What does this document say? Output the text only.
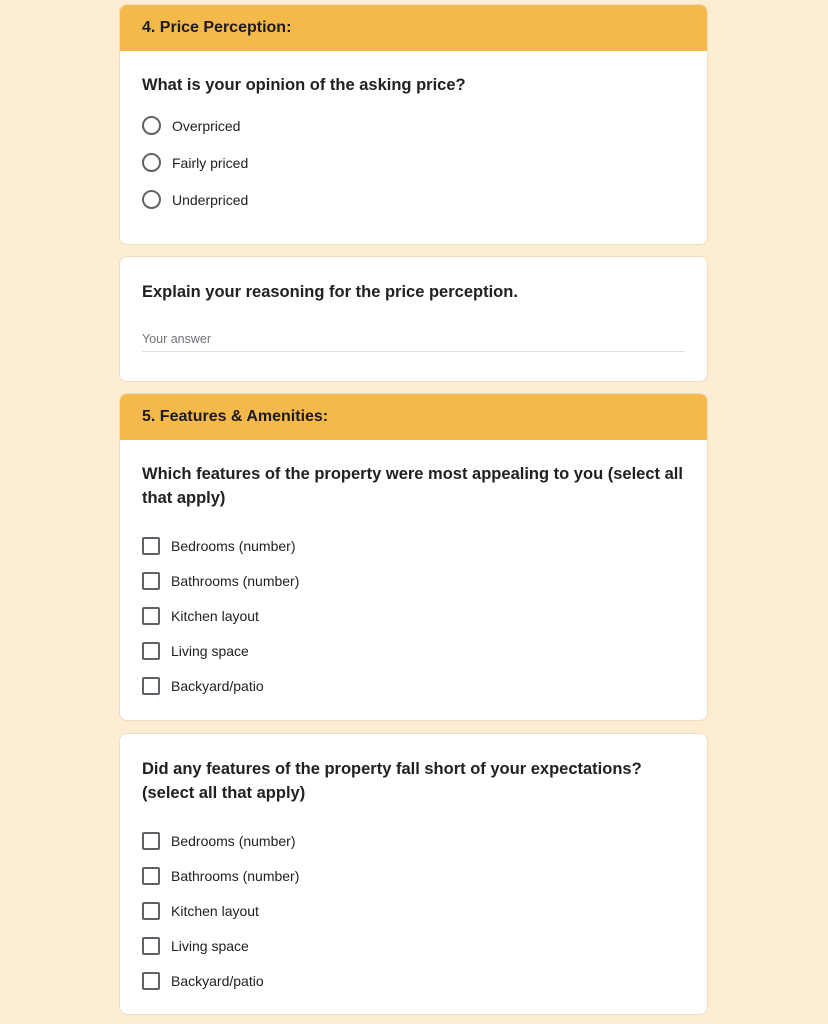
4. Price Perception:
What is your opinion of the asking price?
Overpriced
Fairly priced
Underpriced
Explain your reasoning for the price perception.
Your answer
5. Features & Amenities:
Which features of the property were most appealing to you (select all that apply)
Bedrooms (number)
Bathrooms (number)
Kitchen layout
Living space
Backyard/patio
Did any features of the property fall short of your expectations? (select all that apply)
Bedrooms (number)
Bathrooms (number)
Kitchen layout
Living space
Backyard/patio
